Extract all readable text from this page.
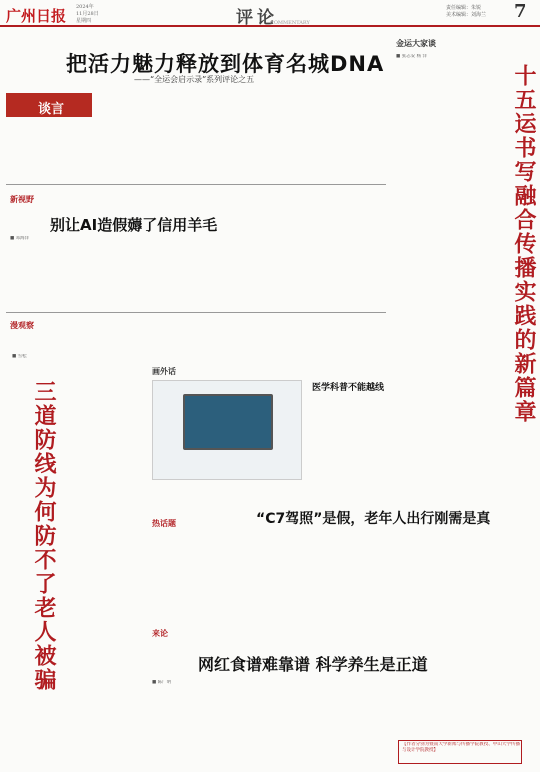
广州日报 2024年
11月28日
星期四	评论
COMMENTARY
责任编辑：朱锐
美术编辑：刘海兰 7
把活力魅力释放到体育名城DNA
——“全运会启示录”系列评论之五
谈言
新视野
别让AI造假薅了信用羊毛
■ 邓海洋
漫观察
■ 雪松
三道防线为何防不了老人被骗
画外话
医学科普不能越线
热话题	“C7驾照”是假，老年人出行刚需是真
来论
网红食谱难靠谱 科学养生是正道
■ 陈广明
金运大家谈
■ 张志安 杨 洋
十五运书写融合传播实践的新篇章
【作者分别为暨南大学新闻与传播学院教授、中山大学传播与设计学院教授】
